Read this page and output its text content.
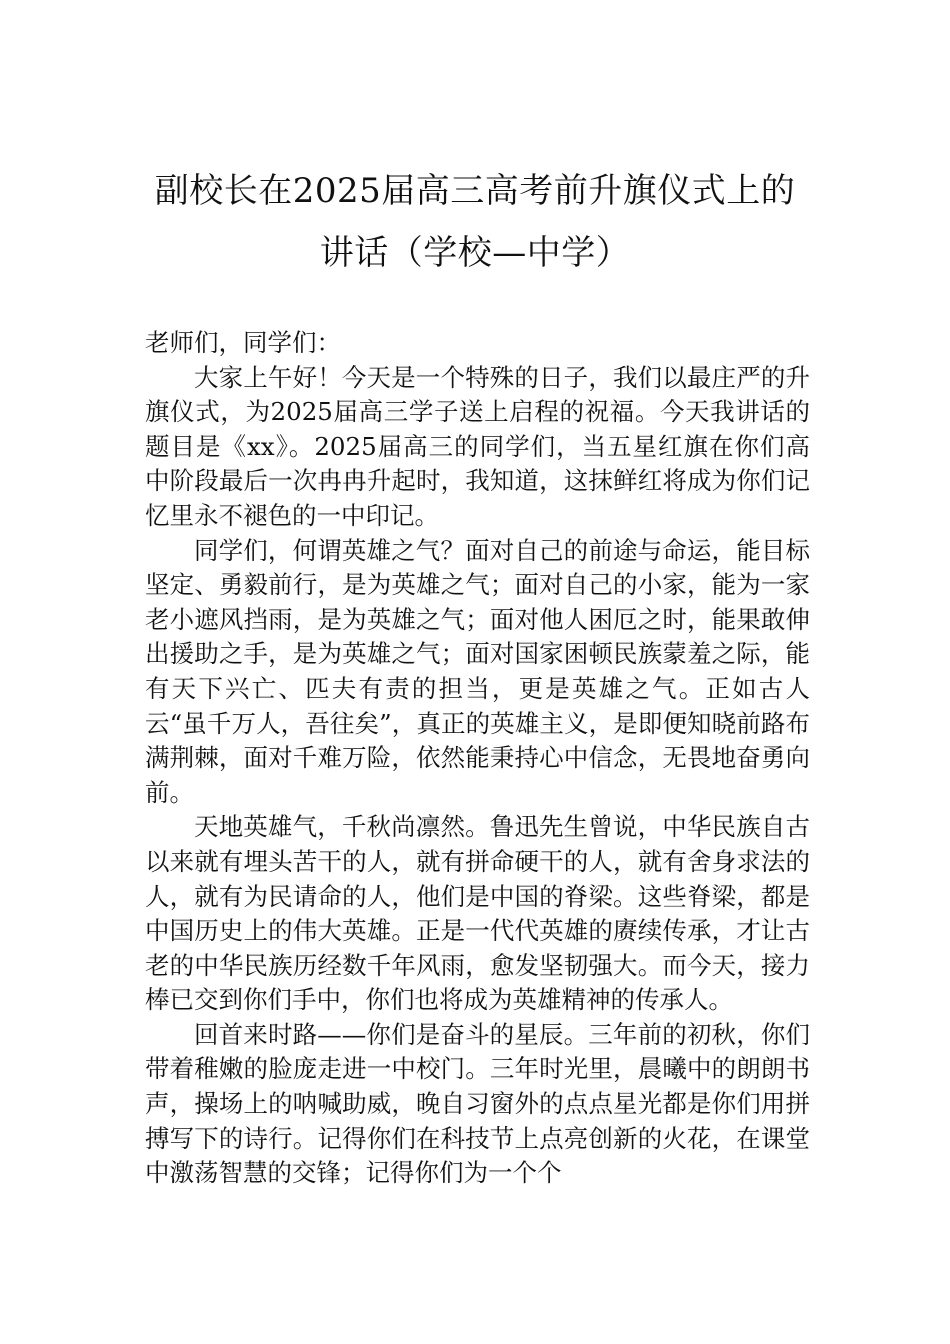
副校长在2025届高三高考前升旗仪式上的
讲话（学校—中学）

老师们，同学们：

大家上午好！今天是一个特殊的日子，我们以最庄严的升旗仪式，为2025届高三学子送上启程的祝福。今天我讲话的题目是《xx》。2025届高三的同学们，当五星红旗在你们高中阶段最后一次冉冉升起时，我知道，这抹鲜红将成为你们记忆里永不褪色的一中印记。

同学们，何谓英雄之气？面对自己的前途与命运，能目标坚定、勇毅前行，是为英雄之气；面对自己的小家，能为一家老小遮风挡雨，是为英雄之气；面对他人困厄之时，能果敢伸出援助之手，是为英雄之气；面对国家困顿民族蒙羞之际，能有天下兴亡、匹夫有责的担当，更是英雄之气。正如古人云“虽千万人，吾往矣”，真正的英雄主义，是即便知晓前路布满荆棘，面对千难万险，依然能秉持心中信念，无畏地奋勇向前。

天地英雄气，千秋尚凛然。鲁迅先生曾说，中华民族自古以来就有埋头苦干的人，就有拼命硬干的人，就有舍身求法的人，就有为民请命的人，他们是中国的脊梁。这些脊梁，都是中国历史上的伟大英雄。正是一代代英雄的赓续传承，才让古老的中华民族历经数千年风雨，愈发坚韧强大。而今天，接力棒已交到你们手中，你们也将成为英雄精神的传承人。

回首来时路——你们是奋斗的星辰。三年前的初秋，你们带着稚嫩的脸庞走进一中校门。三年时光里，晨曦中的朗朗书声，操场上的呐喊助威，晚自习窗外的点点星光都是你们用拼搏写下的诗行。记得你们在科技节上点亮创新的火花，在课堂中激荡智慧的交锋；记得你们为一个个
